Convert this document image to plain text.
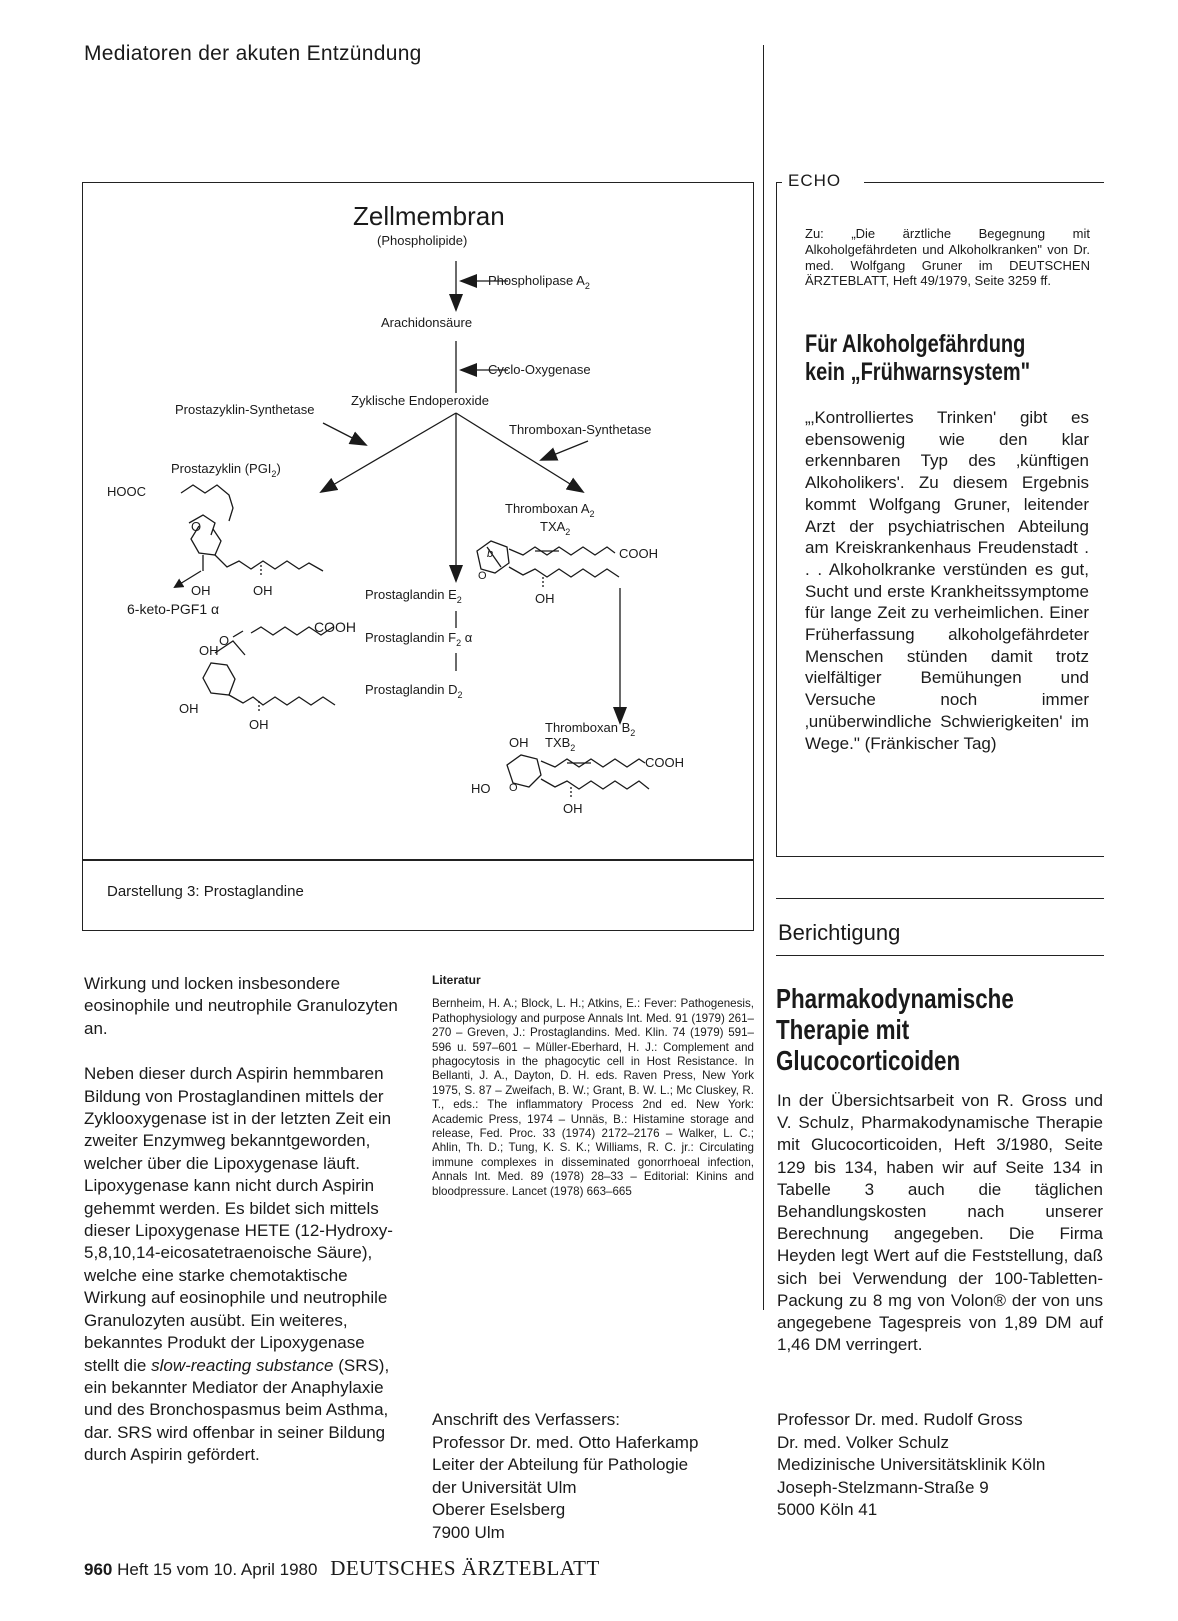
Mediatoren der akuten Entzündung
Zellmembran
(Phospholipide)
Phospholipase $A_2$
Arachidonsäure
Cyclo-Oxygenase
Zyklische Endoperoxide
Prostazyklin-Synthetase
Thromboxan-Synthetase
Prostazyklin $(PGI_2)$
HOOC
O
OH	OH
6-keto-PGF1 α
COOH
O
OH
OH
OH
Thromboxan $A_2$
$TXA_2$
b
O
COOH
OH
Prostaglandin $E_2$
Prostaglandin $F_2$ α
Prostaglandin $D_2$
Thromboxan $B_2$
OH $TXB_2$
COOH
HO O
OH
Darstellung 3: Prostaglandine

Wirkung und locken insbesondere eosinophile und neutrophile Granulozyten an.

Neben dieser durch Aspirin hemmbaren Bildung von Prostaglandinen mittels der Zyklooxygenase ist in der letzten Zeit ein zweiter Enzymweg bekanntgeworden, welcher über die Lipoxygenase läuft. Lipoxygenase kann nicht durch Aspirin gehemmt werden. Es bildet sich mittels dieser Lipoxygenase HETE (12-Hydroxy-5,8,10,14-eicosatetraenoische Säure), welche eine starke chemotaktische Wirkung auf eosinophile und neutrophile Granulozyten ausübt. Ein weiteres, bekanntes Produkt der Lipoxygenase stellt die slow-reacting substance (SRS), ein bekannter Mediator der Anaphylaxie und des Bronchospasmus beim Asthma, dar. SRS wird offenbar in seiner Bildung durch Aspirin gefördert.

Literatur
Bernheim, H. A.; Block, L. H.; Atkins, E.: Fever: Pathogenesis, Pathophysiology and purpose Annals Int. Med. 91 (1979) 261–270 – Greven, J.: Prostaglandins. Med. Klin. 74 (1979) 591–596 u. 597–601 – Müller-Eberhard, H. J.: Complement and phagocytosis in the phagocytic cell in Host Resistance. In Bellanti, J. A., Dayton, D. H. eds. Raven Press, New York 1975, S. 87 – Zweifach, B. W.; Grant, B. W. L.; Mc Cluskey, R. T., eds.: The inflammatory Process 2nd ed. New York: Academic Press, 1974 – Unnäs, B.: Histamine storage and release, Fed. Proc. 33 (1974) 2172–2176 – Walker, L. C.; Ahlin, Th. D.; Tung, K. S. K.; Williams, R. C. jr.: Circulating immune complexes in disseminated gonorrhoeal infection, Annals Int. Med. 89 (1978) 28–33 – Editorial: Kinins and bloodpressure. Lancet (1978) 663–665
Anschrift des Verfassers:
Professor Dr. med. Otto Haferkamp
Leiter der Abteilung für Pathologie
der Universität Ulm
Oberer Eselsberg
7900 Ulm
ECHO
Zu: „Die ärztliche Begegnung mit Alkoholgefährdeten und Alkoholkranken" von Dr. med. Wolfgang Gruner im DEUTSCHEN ÄRZTEBLATT, Heft 49/1979, Seite 3259 ff.
Für Alkoholgefährdung
kein „Frühwarnsystem"
„‚Kontrolliertes Trinken' gibt es ebensowenig wie den klar erkennbaren Typ des ‚künftigen Alkoholikers'. Zu diesem Ergebnis kommt Wolfgang Gruner, leitender Arzt der psychiatrischen Abteilung am Kreiskrankenhaus Freudenstadt . . . Alkoholkranke verstünden es gut, Sucht und erste Krankheitssymptome für lange Zeit zu verheimlichen. Einer Früherfassung alkoholgefährdeter Menschen stünden damit trotz vielfältiger Bemühungen und Versuche noch immer ‚unüberwindliche Schwierigkeiten' im Wege." (Fränkischer Tag)
Berichtigung
Pharmakodynamische
Therapie mit
Glucocorticoiden
In der Übersichtsarbeit von R. Gross und V. Schulz, Pharmakodynamische Therapie mit Glucocorticoiden, Heft 3/1980, Seite 129 bis 134, haben wir auf Seite 134 in Tabelle 3 auch die täglichen Behandlungskosten nach unserer Berechnung angegeben. Die Firma Heyden legt Wert auf die Feststellung, daß sich bei Verwendung der 100-Tabletten-Packung zu 8 mg von Volon® der von uns angegebene Tagespreis von 1,89 DM auf 1,46 DM verringert.
Professor Dr. med. Rudolf Gross
Dr. med. Volker Schulz
Medizinische Universitätsklinik Köln
Joseph-Stelzmann-Straße 9
5000 Köln 41
960 Heft 15 vom 10. April 1980 DEUTSCHES ÄRZTEBLATT
